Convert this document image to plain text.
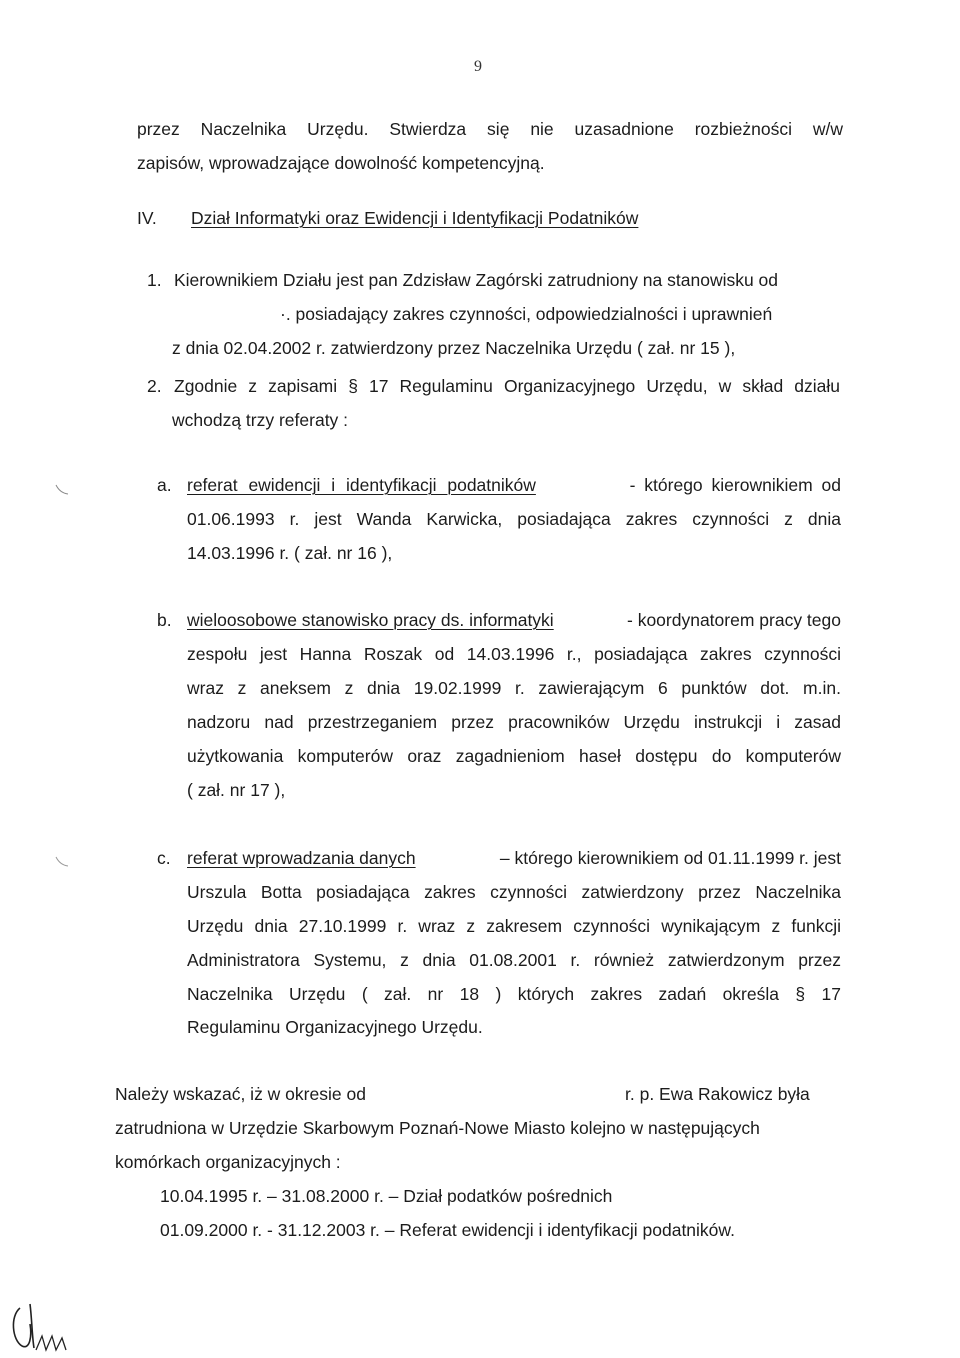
9
przez Naczelnika Urzędu. Stwierdza się nie uzasadnione rozbieżności w/w
zapisów, wprowadzające dowolność kompetencyjną.
IV. Dział Informatyki oraz Ewidencji i Identyfikacji Podatników
1. Kierownikiem Działu jest pan Zdzisław Zagórski zatrudniony na stanowisku od
·. posiadający zakres czynności, odpowiedzialności i uprawnień
z dnia 02.04.2002 r. zatwierdzony przez Naczelnika Urzędu ( zał. nr 15 ),
2. Zgodnie z zapisami § 17 Regulaminu Organizacyjnego Urzędu, w skład działu
wchodzą trzy referaty :
a. referat ewidencji i identyfikacji podatników	- którego kierownikiem od
01.06.1993 r. jest Wanda Karwicka, posiadająca zakres czynności z dnia
14.03.1996 r. ( zał. nr 16 ),
b. wieloosobowe stanowisko pracy ds. informatyki	- koordynatorem pracy tego
zespołu jest Hanna Roszak od 14.03.1996 r., posiadająca zakres czynności
wraz z aneksem z dnia 19.02.1999 r. zawierającym 6 punktów dot. m.in.
nadzoru nad przestrzeganiem przez pracowników Urzędu instrukcji i zasad
użytkowania komputerów oraz zagadnieniom haseł dostępu do komputerów
( zał. nr 17 ),
c. referat wprowadzania danych	– którego kierownikiem od 01.11.1999 r. jest
Urszula Botta posiadająca zakres czynności zatwierdzony przez Naczelnika
Urzędu dnia 27.10.1999 r. wraz z zakresem czynności wynikającym z funkcji
Administratora Systemu, z dnia 01.08.2001 r. również zatwierdzonym przez
Naczelnika Urzędu ( zał. nr 18 ) których zakres zadań określa § 17
Regulaminu Organizacyjnego Urzędu.
Należy wskazać, iż w okresie od	r. p. Ewa Rakowicz była
zatrudniona w Urzędzie Skarbowym Poznań-Nowe Miasto kolejno w następujących
komórkach organizacyjnych :
10.04.1995 r. – 31.08.2000 r. – Dział podatków pośrednich
01.09.2000 r. - 31.12.2003 r. – Referat ewidencji i identyfikacji podatników.
